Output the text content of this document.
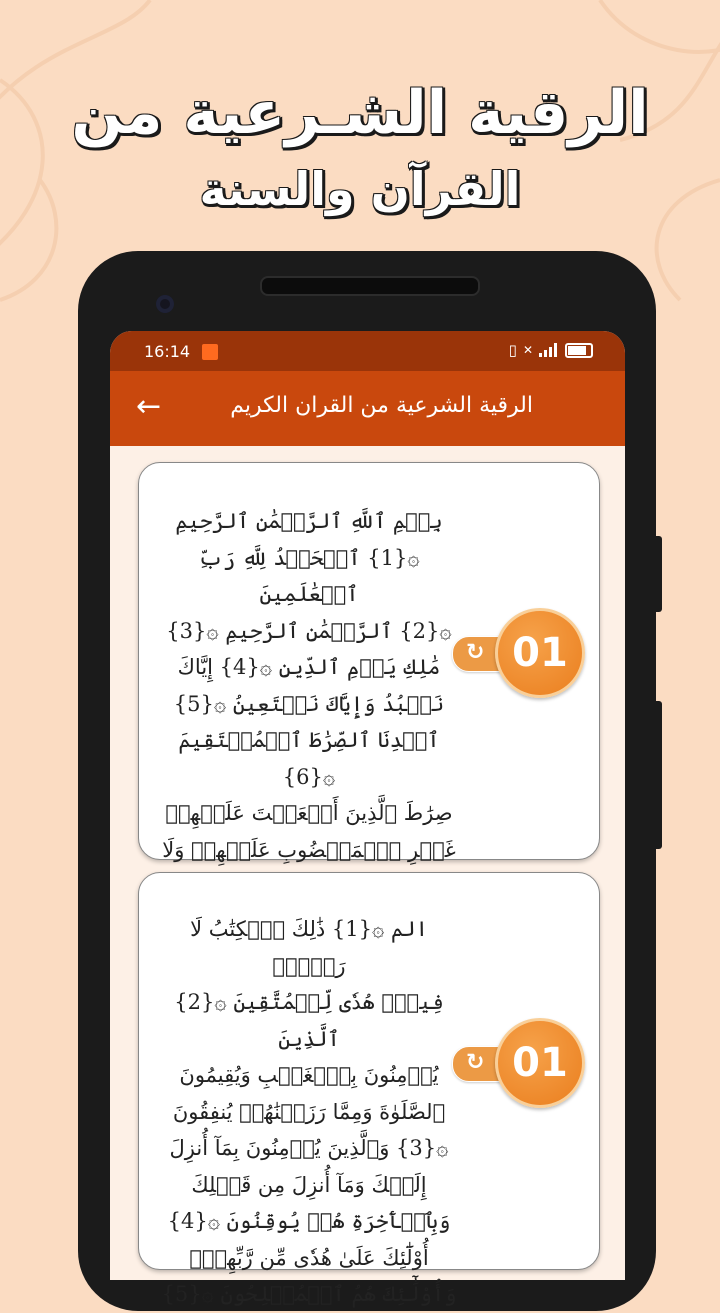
الرقية الشـرعية من
القرآن والسنة
16:14	▯ ✕
←	الرقية الشرعية من القران الكريم
بِسۡمِ ٱللَّهِ ٱلرَّحۡمَٰنِ ٱلرَّحِيمِ
۞{1} ٱلۡحَمۡدُ لِلَّهِ رَبِّ ٱلۡعَٰلَمِينَ
۞{2} ٱلرَّحۡمَٰنِ ٱلرَّحِيمِ ۞{3}
مَٰلِكِ يَوۡمِ ٱلدِّينِ ۞{4} إِيَّاكَ
نَعۡبُدُ وَإِيَّاكَ نَسۡتَعِينُ ۞{5}
ٱهۡدِنَا ٱلصِّرَٰطَ ٱلۡمُسۡتَقِيمَ ۞{6}
صِرَٰطَ ٱلَّذِينَ أَنۡعَمۡتَ عَلَيۡهِمۡ
غَيۡرِ ٱلۡمَغۡضُوبِ عَلَيۡهِمۡ وَلَا
↻ 01
الم ۞{1} ذَٰلِكَ ٱلۡكِتَٰبُ لَا رَيۡبَۛ
فِيهِۛ هُدٗى لِّلۡمُتَّقِينَ ۞{2} ٱلَّذِينَ
يُؤۡمِنُونَ بِٱلۡغَيۡبِ وَيُقِيمُونَ
ٱلصَّلَوٰةَ وَمِمَّا رَزَقۡنَٰهُمۡ يُنفِقُونَ
۞{3} وَٱلَّذِينَ يُؤۡمِنُونَ بِمَآ أُنزِلَ
إِلَيۡكَ وَمَآ أُنزِلَ مِن قَبۡلِكَ
وَبِٱلۡأٓخِرَةِ هُمۡ يُوقِنُونَ ۞{4}
أُوْلَٰٓئِكَ عَلَىٰ هُدٗى مِّن رَّبِّهِمۡۖ
وَأُوْلَٰٓئِكَ هُمُ ٱلۡمُفۡلِحُونَ ۞{5}
↻ 01
